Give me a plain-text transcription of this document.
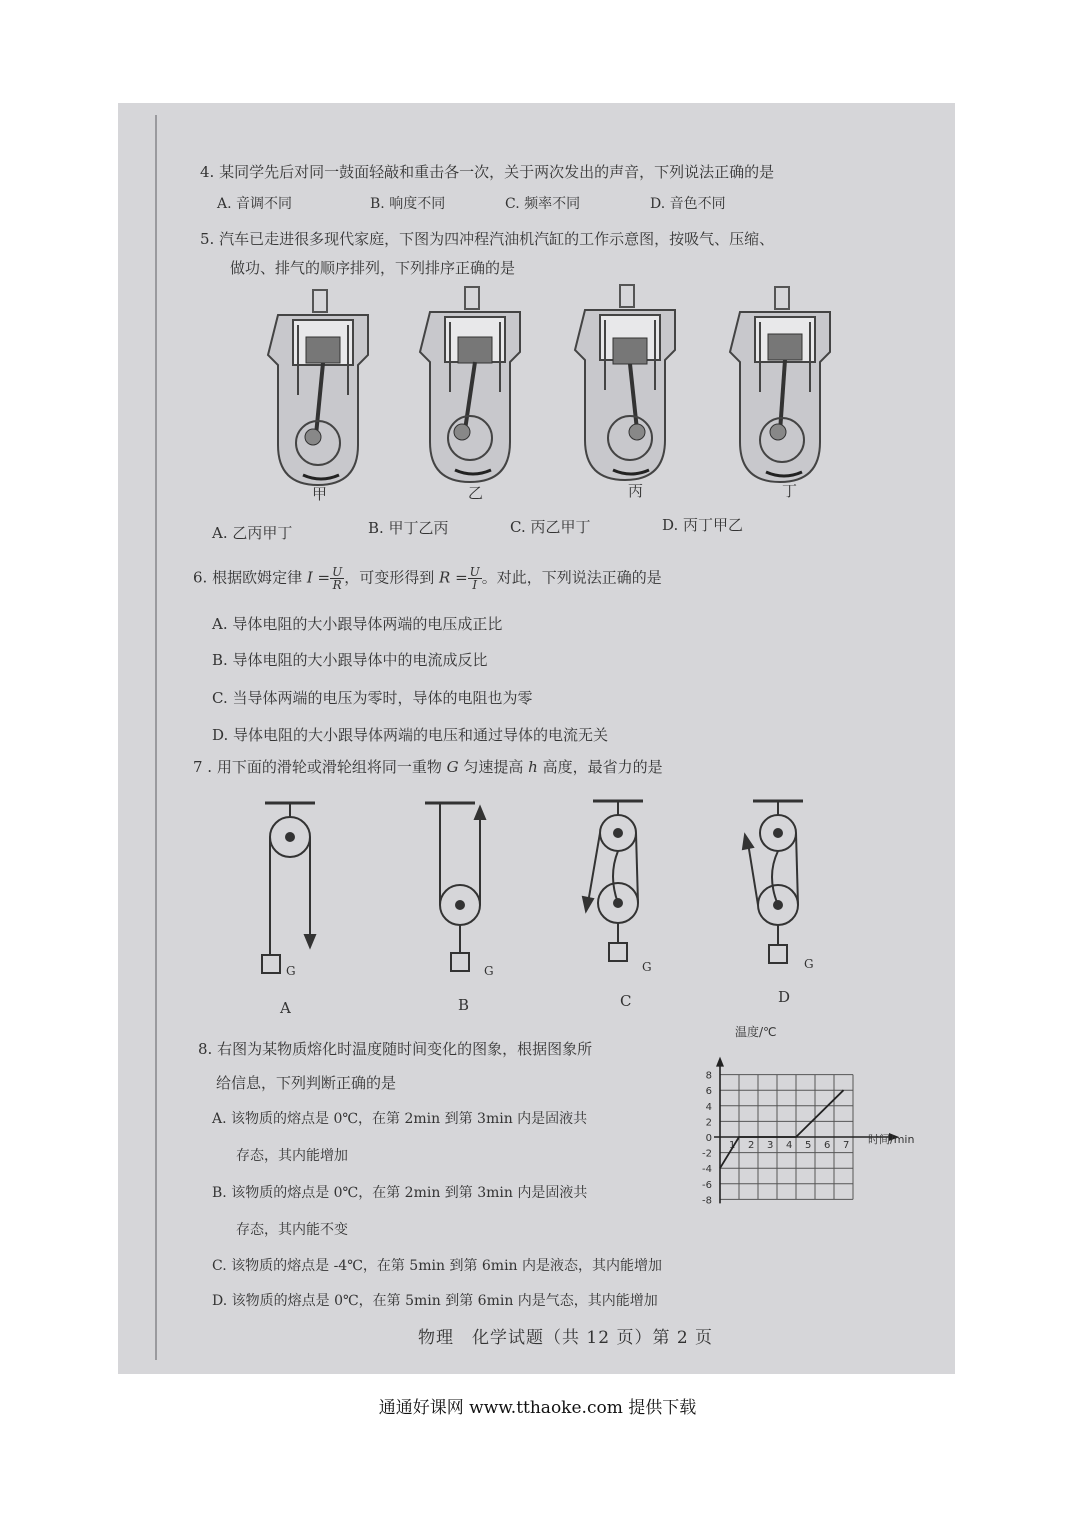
4. 某同学先后对同一鼓面轻敲和重击各一次，关于两次发出的声音，下列说法正确的是
A. 音调不同	B. 响度不同	C. 频率不同	D. 音色不同
5. 汽车已走进很多现代家庭，下图为四冲程汽油机汽缸的工作示意图，按吸气、压缩、
做功、排气的顺序排列，下列排序正确的是
甲	乙	丙	丁
A. 乙丙甲丁	B. 甲丁乙丙	C. 丙乙甲丁	D. 丙丁甲乙
6. 根据欧姆定律 $I = \frac{U}{R}$ ，可变形得到 $R = \frac{U}{I}$ 。对此，下列说法正确的是
A. 导体电阻的大小跟导体两端的电压成正比
B. 导体电阻的大小跟导体中的电流成反比
C. 当导体两端的电压为零时，导体的电阻也为零
D. 导体电阻的大小跟导体两端的电压和通过导体的电流无关
7 . 用下面的滑轮或滑轮组将同一重物 G 匀速提高 h 高度，最省力的是
G	G	G	G
A	B	C	D
8. 右图为某物质熔化时温度随时间变化的图象，根据图象所
给信息，下列判断正确的是
A. 该物质的熔点是 0℃，在第 2min 到第 3min 内是固液共
存态，其内能增加
B. 该物质的熔点是 0℃，在第 2min 到第 3min 内是固液共
存态，其内能不变
C. 该物质的熔点是 -4℃，在第 5min 到第 6min 内是液态，其内能增加
D. 该物质的熔点是 0℃，在第 5min 到第 6min 内是气态，其内能增加
1 2 3 4 5 6 7
8
6
4
2
0
-2
-4
-6
-8
温度/℃
时间/min
物理　化学试题（共 12 页）第 2 页
通通好课网 www.tthaoke.com 提供下载
